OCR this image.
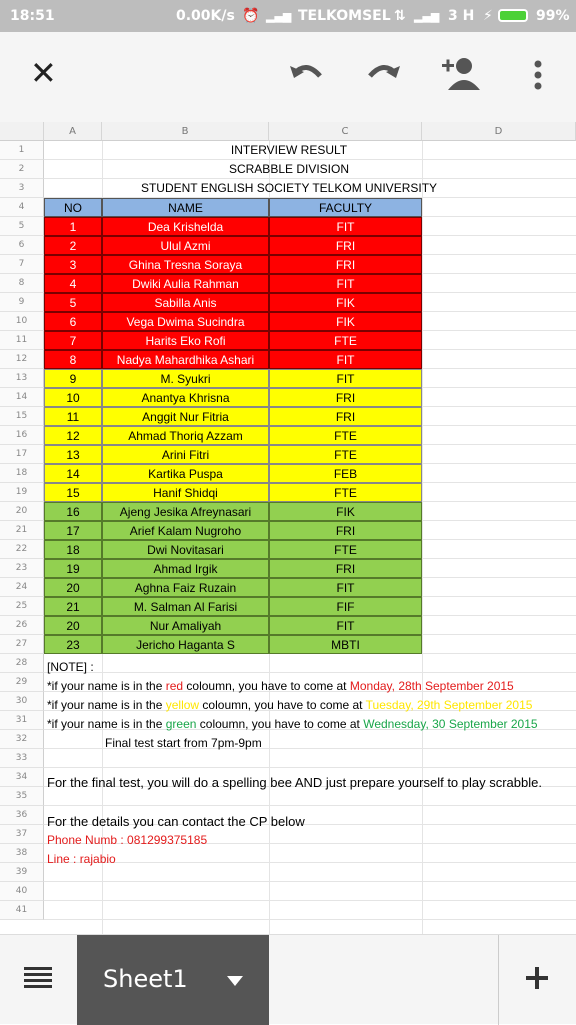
18:51	0.00K/s ⏰ ▂▄▆ TELKOMSEL ⇅ ▂▄▆ 3 H ⚡	99%
✕
A	B	C	D
1
2
3
4
5
6
7
8
9
10
11
12
13
14
15
16
17
18
19
20
21
22
23
24
25
26
27
28
29
30
31
32
33
34
35
36
37
38
39
40
41
INTERVIEW RESULT
SCRABBLE DIVISION
STUDENT ENGLISH SOCIETY TELKOM UNIVERSITY
NO	NAME	FACULTY
1	Dea Krishelda	FIT
2	Ulul Azmi	FRI
3	Ghina Tresna Soraya	FRI
4	Dwiki Aulia Rahman	FIT
5	Sabilla Anis	FIK
6	Vega Dwima Sucindra	FIK
7	Harits Eko Rofi	FTE
8	Nadya Mahardhika Ashari	FIT
9	M. Syukri	FIT
10	Anantya Khrisna	FRI
11	Anggit Nur Fitria	FRI
12	Ahmad Thoriq Azzam	FTE
13	Arini Fitri	FTE
14	Kartika Puspa	FEB
15	Hanif Shidqi	FTE
16	Ajeng Jesika Afreynasari	FIK
17	Arief Kalam Nugroho	FRI
18	Dwi Novitasari	FTE
19	Ahmad Irgik	FRI
20	Aghna Faiz Ruzain	FIT
21	M. Salman Al Farisi	FIF
20	Nur Amaliyah	FIT
23	Jericho Haganta S	MBTI
[NOTE] :
*if your name is in the red coloumn, you have to come at Monday, 28th September 2015
*if your name is in the yellow coloumn, you have to come at Tuesday, 29th September 2015
*if your name is in the green coloumn, you have to come at Wednesday, 30 September 2015
Final test start from 7pm-9pm
For the final test, you will do a spelling bee AND just prepare yourself to play scrabble.
For the details you can contact the CP below
Phone Numb : 081299375185
Line : rajabio
Sheet1
